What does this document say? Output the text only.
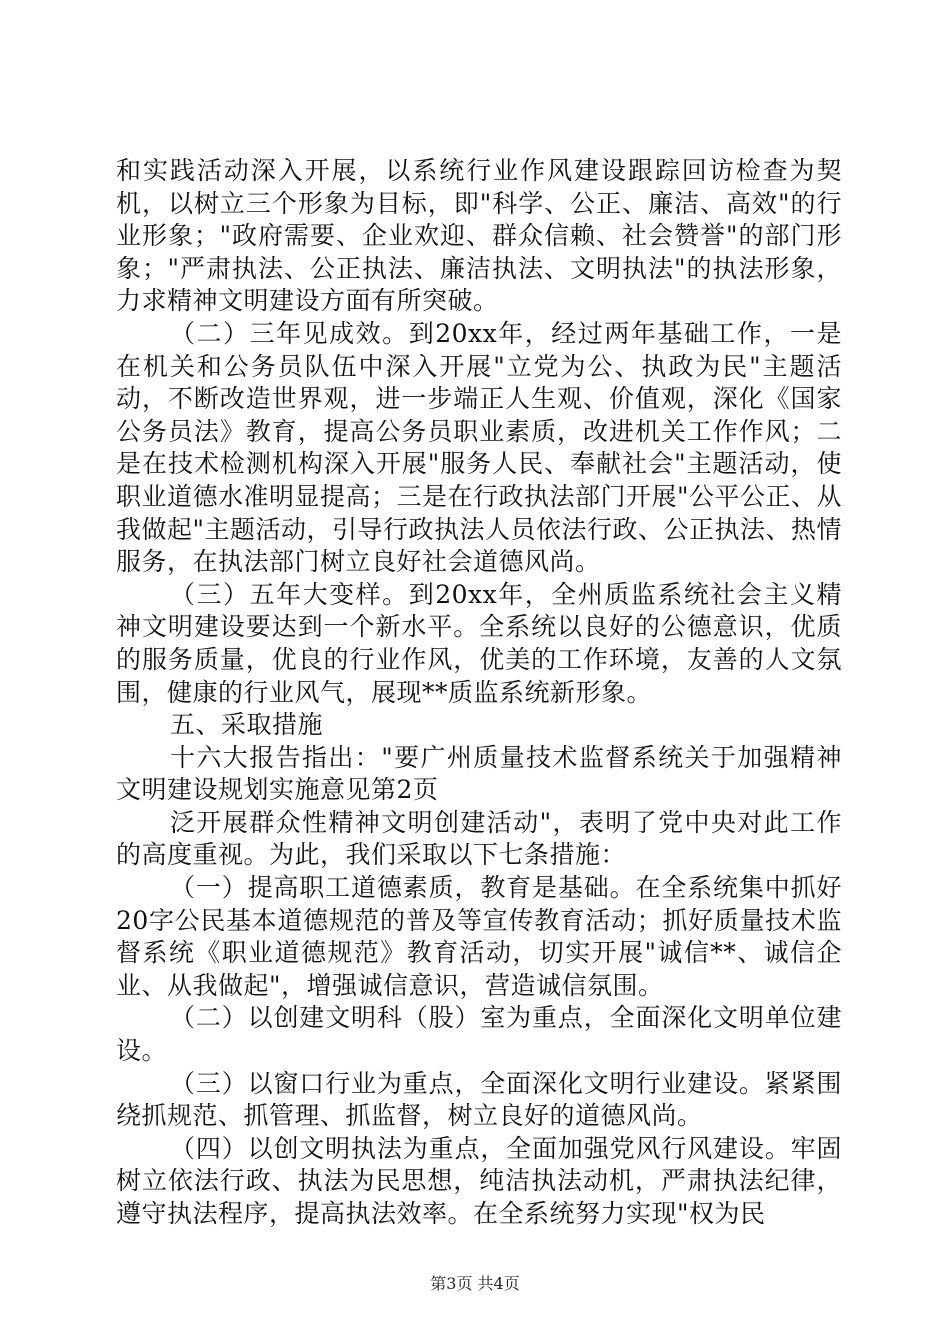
和实践活动深入开展，以系统行业作风建设跟踪回访检查为契机，以树立三个形象为目标，即"科学、公正、廉洁、高效"的行业形象；"政府需要、企业欢迎、群众信赖、社会赞誉"的部门形象；"严肃执法、公正执法、廉洁执法、文明执法"的执法形象，力求精神文明建设方面有所突破。

（二）三年见成效。到20xx年，经过两年基础工作，一是在机关和公务员队伍中深入开展"立党为公、执政为民"主题活动，不断改造世界观，进一步端正人生观、价值观，深化《国家公务员法》教育，提高公务员职业素质，改进机关工作作风；二是在技术检测机构深入开展"服务人民、奉献社会"主题活动，使职业道德水准明显提高；三是在行政执法部门开展"公平公正、从我做起"主题活动，引导行政执法人员依法行政、公正执法、热情服务，在执法部门树立良好社会道德风尚。

（三）五年大变样。到20xx年，全州质监系统社会主义精神文明建设要达到一个新水平。全系统以良好的公德意识，优质的服务质量，优良的行业作风，优美的工作环境，友善的人文氛围，健康的行业风气，展现**质监系统新形象。

五、采取措施

十六大报告指出："要广州质量技术监督系统关于加强精神文明建设规划实施意见第2页

泛开展群众性精神文明创建活动"，表明了党中央对此工作的高度重视。为此，我们采取以下七条措施：

（一）提高职工道德素质，教育是基础。在全系统集中抓好20字公民基本道德规范的普及等宣传教育活动；抓好质量技术监督系统《职业道德规范》教育活动，切实开展"诚信**、诚信企业、从我做起"，增强诚信意识，营造诚信氛围。

（二）以创建文明科（股）室为重点，全面深化文明单位建设。

（三）以窗口行业为重点，全面深化文明行业建设。紧紧围绕抓规范、抓管理、抓监督，树立良好的道德风尚。

（四）以创文明执法为重点，全面加强党风行风建设。牢固树立依法行政、执法为民思想，纯洁执法动机，严肃执法纪律，遵守执法程序，提高执法效率。在全系统努力实现"权为民

第3页 共4页
